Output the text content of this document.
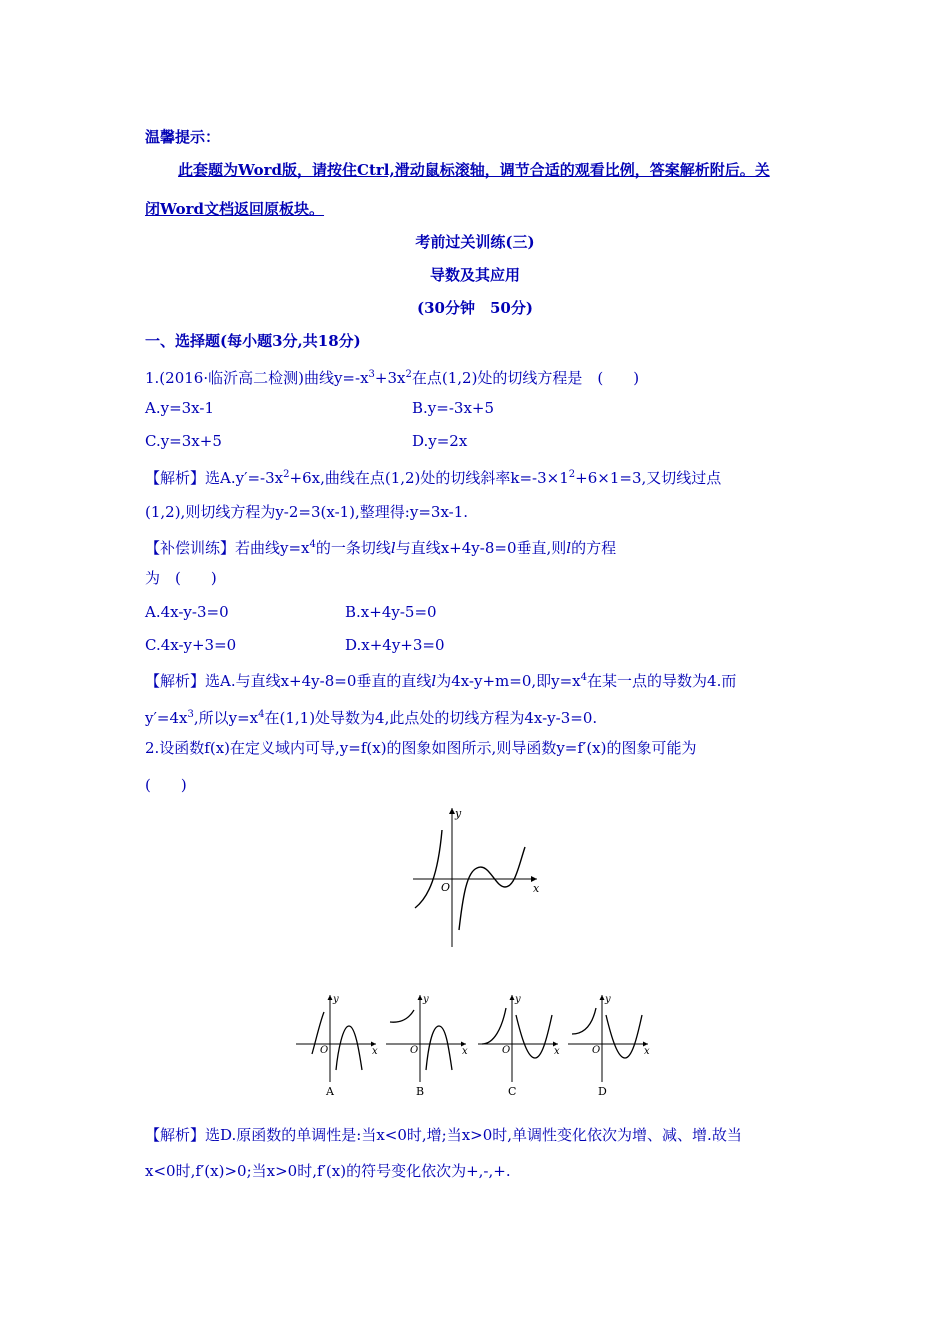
温馨提示：
此套题为Word版，请按住Ctrl,滑动鼠标滚轴，调节合适的观看比例，答案解析附后。关
闭Word文档返回原板块。
考前过关训练(三)
导数及其应用
(30分钟　50分)
一、选择题(每小题3分,共18分)
1.(2016·临沂高二检测)曲线$y=-x^3+3x^2$在点(1,2)处的切线方程是　(　　)
A.y=3x-1	B.y=-3x+5
C.y=3x+5	D.y=2x
【解析】选$A.y'=-3x^2+6x$,曲线在点(1,2)处的切线斜率$k=-3\times 1^2+6\times 1=3$,又切线过点
(1,2),则切线方程为y-2=3(x-1),整理得:y=3x-1.
【补偿训练】若曲线$y=x^4$的一条切线l与直线x+4y-8=0垂直,则l的方程
为　(　　)
A.4x-y-3=0	B.x+4y-5=0
C.4x-y+3=0	D.x+4y+3=0
【解析】选A.与直线x+4y-8=0垂直的直线l为4x-y+m=0,即$y=x^4$在某一点的导数为4.而
$y'=4x^3$,所以$y=x^4$在(1,1)处导数为4,此点处的切线方程为4x-y-3=0.
2.设函数f(x)在定义域内可导,y=f(x)的图象如图所示,则导函数y=f′(x)的图象可能为
(　　)
x
y
O
x
y
O
A
x
y
O
B
x
y
O
C
x
y
O
D
【解析】选D.原函数的单调性是:当x<0时,增;当x>0时,单调性变化依次为增、减、增.故当
x<0时,f′(x)>0;当x>0时,f′(x)的符号变化依次为+,-,+.
